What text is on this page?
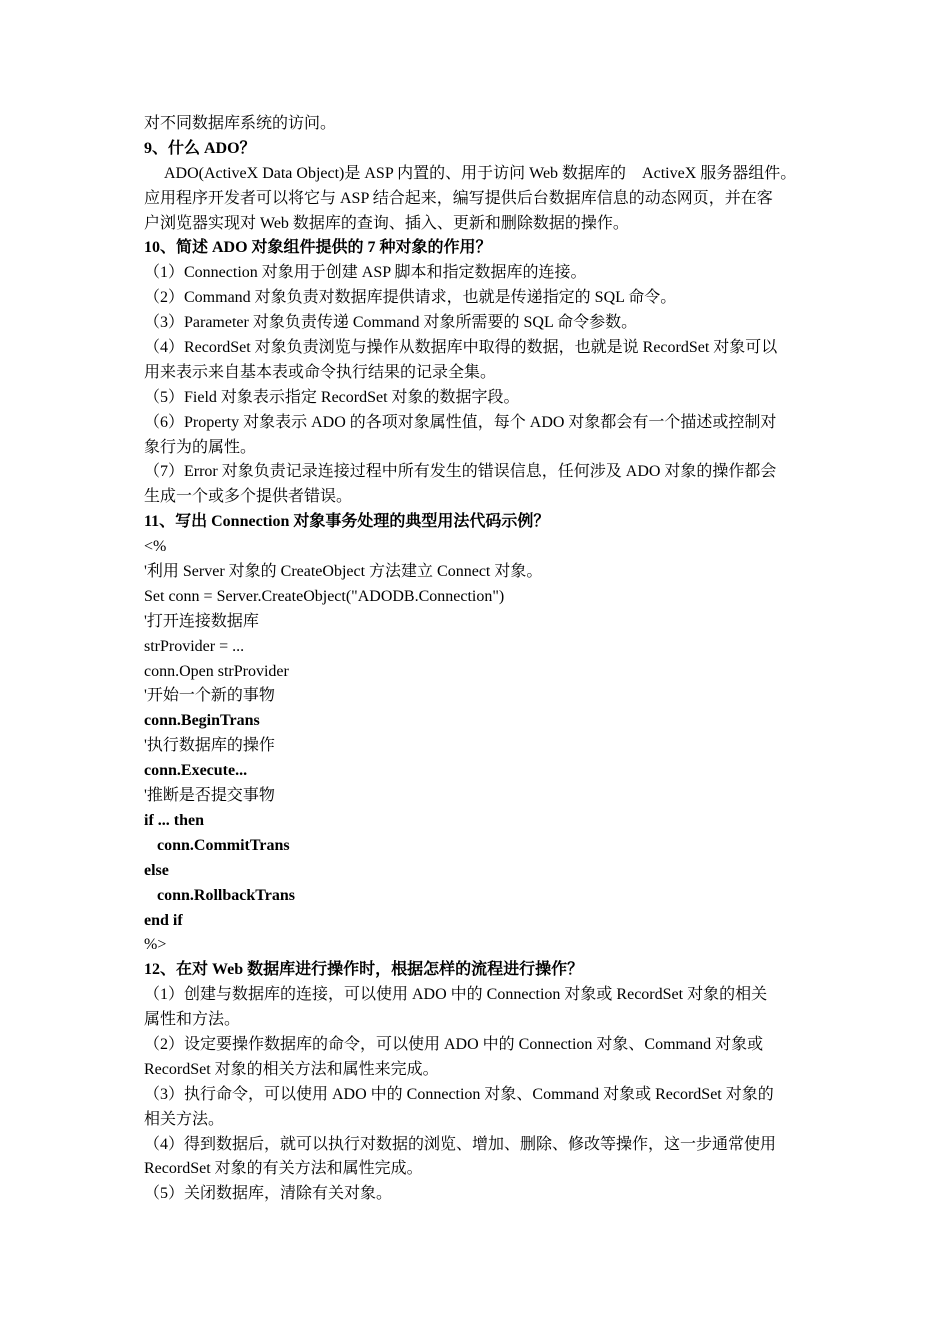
对不同数据库系统的访问。

9、什么 ADO？

ADO(ActiveX Data Object)是 ASP 内置的、用于访问 Web 数据库的    ActiveX 服务器组件。

应用程序开发者可以将它与 ASP 结合起来，编写提供后台数据库信息的动态网页，并在客

户浏览器实现对 Web 数据库的查询、插入、更新和删除数据的操作。

10、简述 ADO 对象组件提供的 7 种对象的作用？

（1）Connection 对象用于创建 ASP 脚本和指定数据库的连接。

（2）Command 对象负责对数据库提供请求，也就是传递指定的 SQL 命令。

（3）Parameter 对象负责传递 Command 对象所需要的 SQL 命令参数。

（4）RecordSet 对象负责浏览与操作从数据库中取得的数据，也就是说 RecordSet 对象可以

用来表示来自基本表或命令执行结果的记录全集。

（5）Field 对象表示指定 RecordSet 对象的数据字段。

（6）Property 对象表示 ADO 的各项对象属性值，每个 ADO 对象都会有一个描述或控制对

象行为的属性。

（7）Error 对象负责记录连接过程中所有发生的错误信息，任何涉及 ADO 对象的操作都会

生成一个或多个提供者错误。

11、写出 Connection 对象事务处理的典型用法代码示例？

<%

'利用 Server 对象的 CreateObject 方法建立 Connect 对象。

Set conn = Server.CreateObject("ADODB.Connection")

'打开连接数据库

strProvider = ...

conn.Open strProvider

'开始一个新的事物

conn.BeginTrans

'执行数据库的操作

conn.Execute...

'推断是否提交事物

if ... then

conn.CommitTrans

else

conn.RollbackTrans

end if

%>

12、在对 Web 数据库进行操作时，根据怎样的流程进行操作？

（1）创建与数据库的连接，可以使用 ADO 中的 Connection 对象或 RecordSet 对象的相关

属性和方法。

（2）设定要操作数据库的命令，可以使用 ADO 中的 Connection 对象、Command 对象或

RecordSet 对象的相关方法和属性来完成。

（3）执行命令，可以使用 ADO 中的 Connection 对象、Command 对象或 RecordSet 对象的

相关方法。

（4）得到数据后，就可以执行对数据的浏览、增加、删除、修改等操作，这一步通常使用

RecordSet 对象的有关方法和属性完成。

（5）关闭数据库，清除有关对象。
